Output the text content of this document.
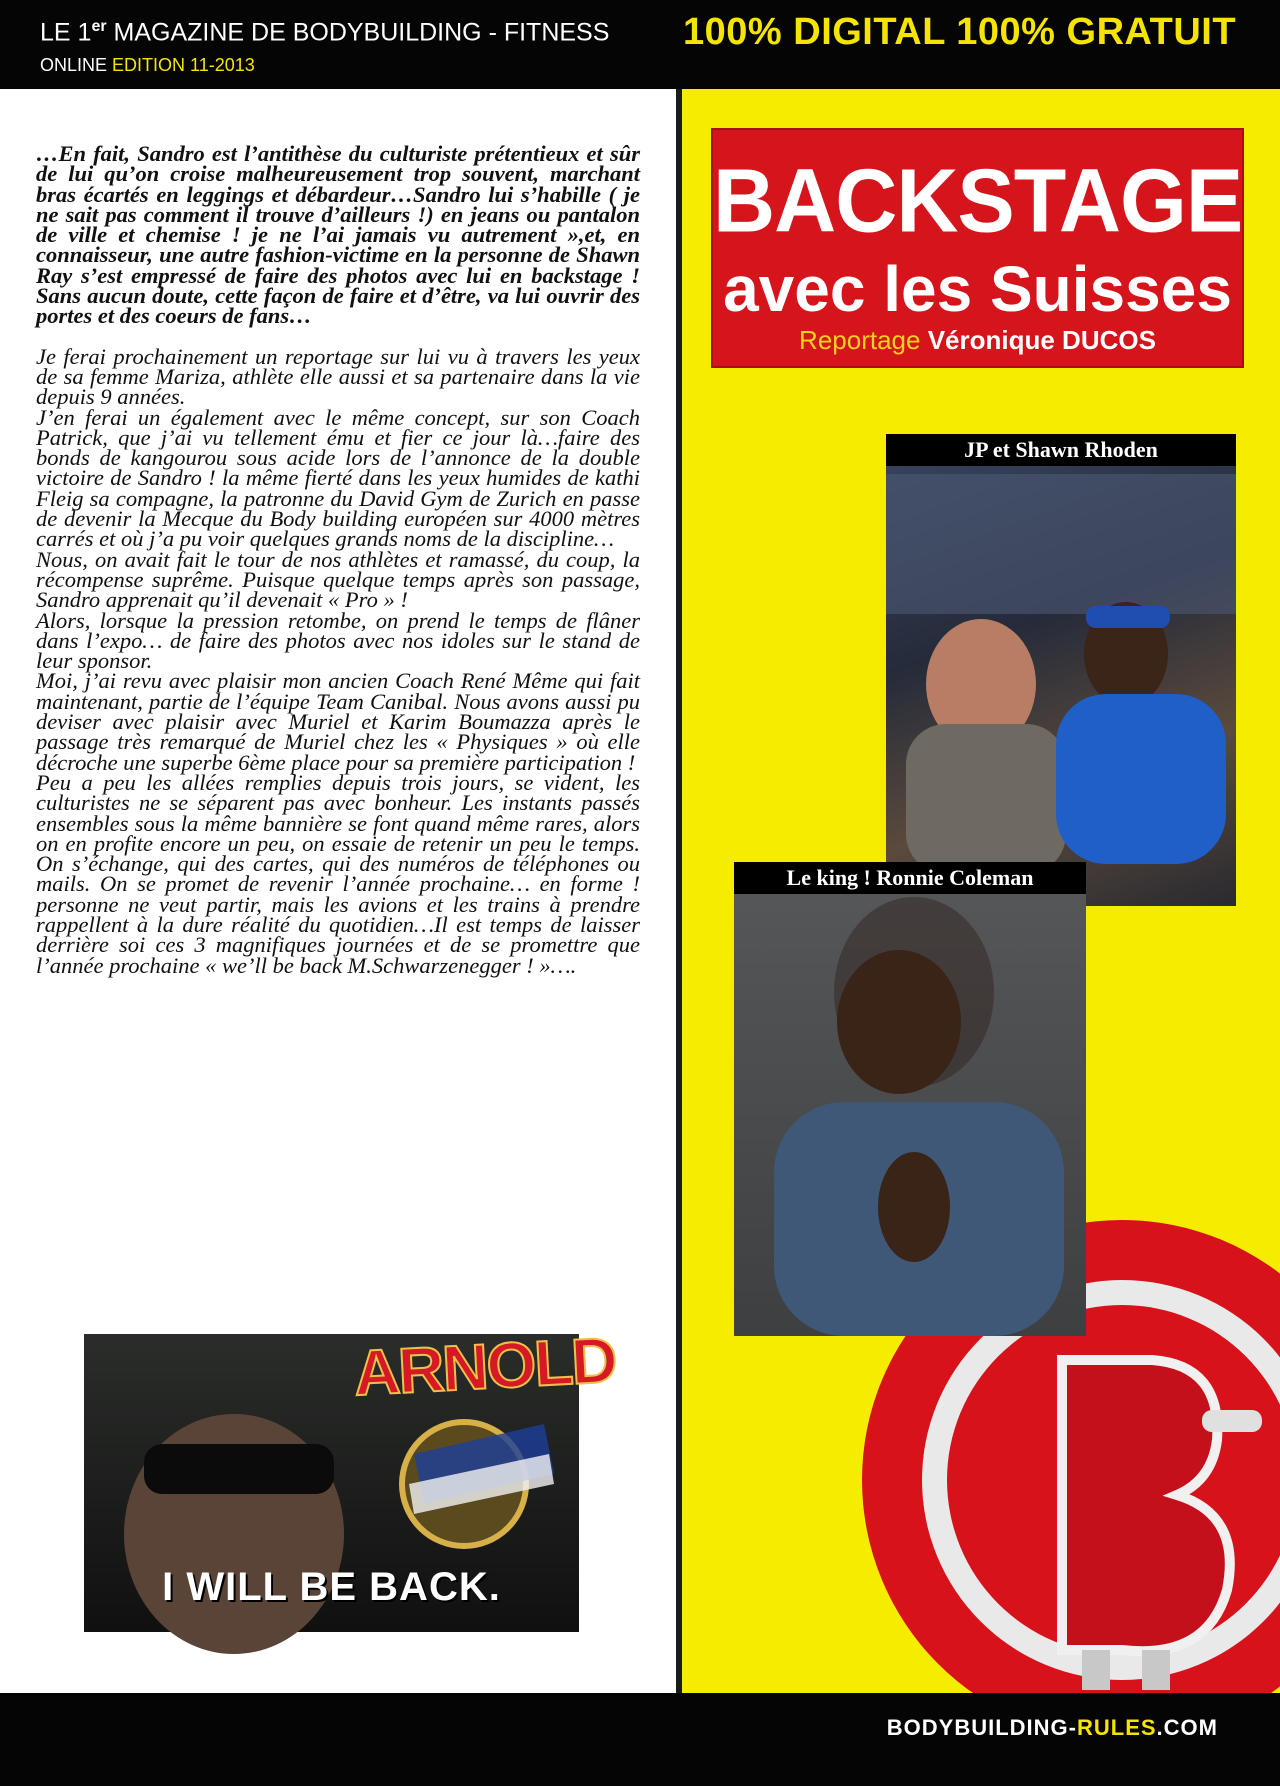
LE 1er MAGAZINE DE BODYBUILDING - FITNESS 100% DIGITAL 100% GRATUIT
ONLINE EDITION 11-2013
BACKSTAGE
avec les Suisses
Reportage Véronique DUCOS
JP et Shawn Rhoden
Le king ! Ronnie Coleman

…En fait, Sandro est l’antithèse du culturiste prétentieux et sûr de lui qu’on croise malheureusement trop souvent, marchant bras écartés en leggings et débardeur…Sandro lui s’habille ( je ne sait pas comment il trouve d’ailleurs !) en jeans ou pantalon de ville et chemise ! je ne l’ai jamais vu autrement »,et, en connaisseur, une autre fashion-victime en la personne de Shawn Ray s’est empressé de faire des photos avec lui en backstage ! Sans aucun doute, cette façon de faire et d’être, va lui ouvrir des portes et des coeurs de fans…

Je ferai prochainement un reportage sur lui vu à travers les yeux de sa femme Mariza, athlète elle aussi et sa partenaire dans la vie depuis 9 années.

J’en ferai un également avec le même concept, sur son Coach Patrick, que j’ai vu tellement ému et fier ce jour là…faire des bonds de kangourou sous acide lors de l’annonce de la double victoire de Sandro ! la même fierté dans les yeux humides de kathi Fleig sa compagne, la patronne du David Gym de Zurich en passe de devenir la Mecque du Body building européen sur 4000 mètres carrés et où j’a pu voir quelques grands noms de la discipline…

Nous, on avait fait le tour de nos athlètes et ramassé, du coup, la récompense suprême. Puisque quelque temps après son passage, Sandro apprenait qu’il devenait « Pro » !

Alors, lorsque la pression retombe, on prend le temps de flâner dans l’expo… de faire des photos avec nos idoles sur le stand de leur sponsor.

Moi, j’ai revu avec plaisir mon ancien Coach René Même qui fait maintenant, partie de l’équipe Team Canibal. Nous avons aussi pu deviser avec plaisir avec Muriel et Karim Boumazza après le passage très remarqué de Muriel chez les « Physiques » où elle décroche une superbe 6ème place pour sa première participation !

Peu a peu les allées remplies depuis trois jours, se vident, les culturistes ne se séparent pas avec bonheur. Les instants passés ensembles sous la même bannière se font quand même rares, alors on en profite encore un peu, on essaie de retenir un peu le temps. On s’échange, qui des cartes, qui des numéros de téléphones ou mails. On se promet de revenir l’année prochaine… en forme ! personne ne veut partir, mais les avions et les trains à prendre rappellent à la dure réalité du quotidien…Il est temps de laisser derrière soi ces 3 magnifiques journées et de se promettre que l’année prochaine « we’ll be back M.Schwarzenegger ! »….

ARNOLD
I WILL BE BACK.
BODYBUILDING-RULES.COM
